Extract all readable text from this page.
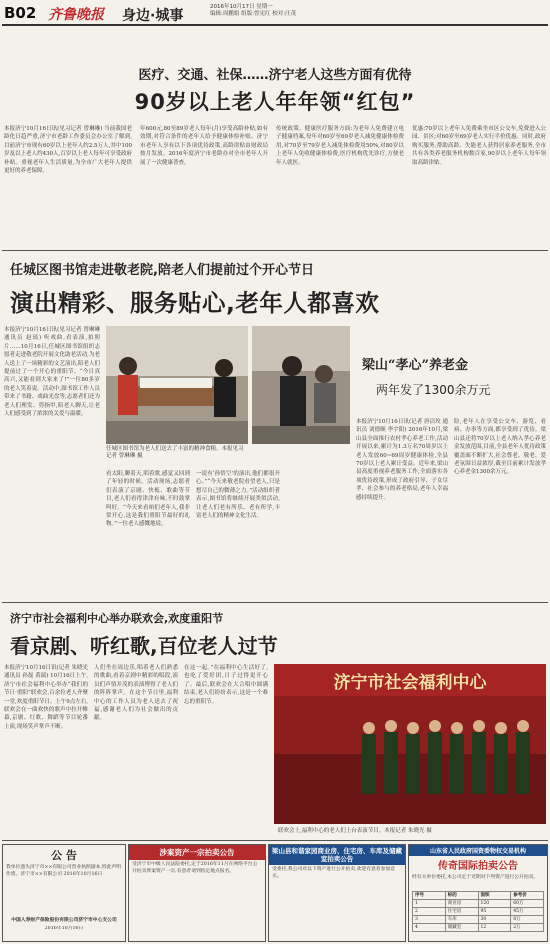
B02 齐鲁晚报 身边·城事
2016年10月17日 星期一
编辑:周鹏娟 组版:曾宪红 校对:汪茂
医疗、交通、社保……济宁老人这些方面有优待
90岁以上老人年年领“红包”
本报济宁10月16日讯(见习记者 曾琳琳) 当前我国老龄化日趋严重,济宁市老龄工作委员会办公室了解到,目前济宁市现有60岁以上老年人约2.5万人,其中100岁及以上老人约430人,百岁以上老人每年可享受政府补贴。重视老年人生活质量,为全市广大老年人提供更好的养老保障。
年600元,80至89岁老人每年(月)享受高龄补贴,如有效期,对符合条件的老年人给予健康体检补贴。济宁市老年人享有以下各项优待政策,高龄津贴由财政局按月发放。2016年度济宁市老龄办对全市老年人开展了一次健康普查。
传统政策。健康医疗服务方面:为老年人免费建立电子健康档案,每年对60岁至69岁老人减免健康体检费用,对70岁至79岁老人减免体检费用50%,对80岁以上老年人免收健康体检费,医疗机构优先诊疗,方便老年人就医。
优惠:70岁以上老年人免费乘坐市区公交车,免费进入公园、景区;对60岁至69岁老人实行半价优惠。同时,政府购买服务,帮助高龄、失能老人获得居家养老服务,全市共有各类养老服务机构数百家,90岁以上老年人每年领取高龄津贴。
任城区图书馆走进敬老院,陪老人们提前过个开心节日
演出精彩、服务贴心,老年人都喜欢
本报济宁10月16日讯(见习记者 曾琳琳 通讯员 赵瑶) 听戏曲,看表演,拍照片……10月16日,任城区图书馆组织志愿者走进敬老院开展文化助老活动,为老人送上了一场精彩的文艺演出,陪老人们提前过了一个开心的重阳节。“今日真高兴,又能看到大家来了!”一位80多岁的老人笑着说。活动中,图书馆工作人员带来了书籍、戏曲光盘等,志愿者们还为老人们理发、剪指甲,陪老人聊天,让老人们感受到了浓浓的关爱与温暖。
任城区图书馆为老人们送去了丰富的精神食粮。本报见习记者 曾琳琳 摄
看太阳,聊着天,唱着歌,感觉又回到了年轻的时候。活动现场,志愿者们表演了京剧、快板、歌曲等节目,老人们看得津津有味,不时鼓掌叫好。“今天来看咱们老年人,我非常开心,这是我们重阳节最好的礼物。”一位老人感慨地说。
一说有‘孙悟空’的演出,他们都很开心。”“今天来敬老院看望老人,只是想尽自己的微薄之力。”活动组织者表示,图书馆将继续开展类似活动,让老人们老有所乐、老有所学,丰富老人们的精神文化生活。
梁山“孝心”养老金
两年发了1300余万元
本报济宁10月16日讯(记者 唐洁玫 通讯员 刘德顺 李宇阳) 2016年10月,梁山县全面推行农村孝心养老工作,活动开展以来,累计为1.3万名70周岁以上老人发放60~69周岁健康体检,全县70岁以上老人累计受益。近年来,梁山县高度重视养老服务工作,全面落实各项优待政策,形成了政府引导、子女尽孝、社会参与的养老格局,老年人幸福感持续提升。
险,老年人在享受公交车、游览、看病、办事等方面,都享受到了优待。梁山县还将70岁以上老人纳入孝心养老金发放范围,目前,全县老年人优待政策覆盖面不断扩大,社会尊老、敬老、爱老氛围日益浓厚,截至目前累计发放孝心养老金1300余万元。
济宁市社会福利中心举办联欢会,欢度重阳节
看京剧、听红歌,百位老人过节
本报济宁10月16日讯(记者 朱晓光 通讯员 孙磊 黄瑞) 10月16日上午,济宁市社会福利中心举办“我们的节日·重阳”联欢会,百余位老人齐聚一堂,欢度重阳节日。上午9点左右,联欢会在一曲欢快的歌声中拉开帷幕,京剧、红歌、舞蹈等节目轮番上演,现场笑声掌声不断。
人们坐在周边乐,唱着老人们熟悉的歌曲,看着京剧中精彩的唱段,演员们声情并茂的表演博得了老人们的阵阵掌声。在这个节日里,福利中心的工作人员为老人送去了祝福,感谢老人们为社会做出的贡献。
在这一起。”在福利中心生活好了,也吃了爱好团,日子过得更开心了。最后,联欢会在大合唱中圆满结束,老人们纷纷表示,这是一个难忘的重阳节。
济宁市社会福利中心
联欢会上,福利中心的老人们上台表演节目。本报记者 朱晓光 摄
公 告
我单位遗失济宁市××有限公司营业执照副本,特此声明作废。济宁市××有限公司 2016年10月16日
中国人寿财产保险股份有限公司济宁市中心支公司
2016年10月16日
涉案资产一宗拍卖公告
受济宁市中级人民法院委托,定于2016年11月在网络平台公开拍卖涉案资产一宗,有意者请到指定地点报名。
梁山县和谐家园商业房、住宅房、车库及储藏室拍卖公告
受委托,我公司对以下资产进行公开拍卖,欢迎有意者参加竞买。
山东省人民政府国资委物权交易机构
传奇国际拍卖公告
经有关单位委托,本公司定于近期对下列资产进行公开拍卖。
序号	标的	面积	参考价
1	商业房	120	60万
2	住宅房	95	45万
3	车库	30	8万
4	储藏室	12	2万
